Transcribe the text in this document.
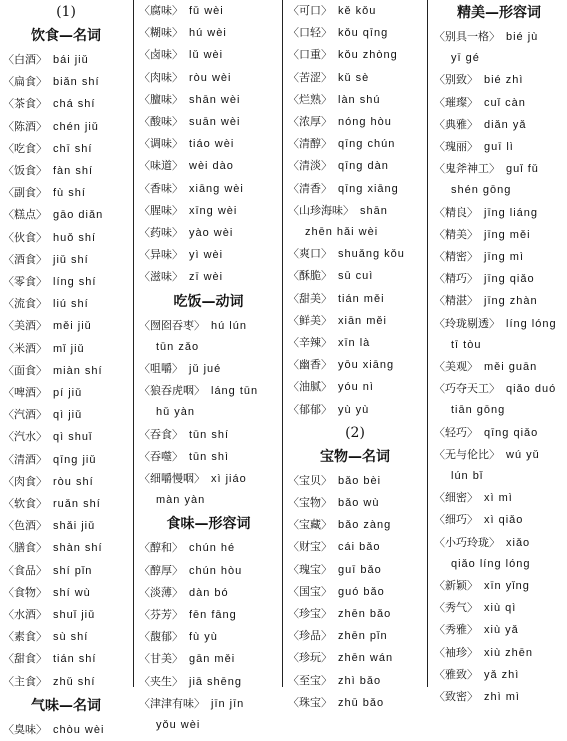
(1)
饮食—名词
〈白酒〉 bái jiǔ
〈扁食〉 biǎn shí
〈茶食〉 chá shí
〈陈酒〉 chén jiǔ
〈吃食〉 chī shí
〈饭食〉 fàn shí
〈副食〉 fù shí
〈糕点〉 gāo diǎn
〈伙食〉 huǒ shí
〈酒食〉 jiǔ shí
〈零食〉 líng shí
〈流食〉 liú shí
〈美酒〉 měi jiǔ
〈米酒〉 mǐ jiǔ
〈面食〉 miàn shí
〈啤酒〉 pí jiǔ
〈汽酒〉 qì jiǔ
〈汽水〉 qì shuǐ
〈清酒〉 qīng jiǔ
〈肉食〉 ròu shí
〈软食〉 ruǎn shí
〈色酒〉 shǎi jiǔ
〈膳食〉 shàn shí
〈食品〉 shí pǐn
〈食物〉 shí wù
〈水酒〉 shuǐ jiǔ
〈素食〉 sù shí
〈甜食〉 tián shí
〈主食〉 zhǔ shí
气味—名词
〈臭味〉 chòu wèi
〈腐味〉 fǔ wèi
〈糊味〉 hú wèi
〈卤味〉 lǔ wèi
〈肉味〉 ròu wèi
〈膻味〉 shān wèi
〈酸味〉 suān wèi
〈调味〉 tiáo wèi
〈味道〉 wèi dào
〈香味〉 xiāng wèi
〈腥味〉 xīng wèi
〈药味〉 yào wèi
〈异味〉 yì wèi
〈滋味〉 zī wèi
吃饭—动词
〈囫囵吞枣〉 hú lún
tūn zǎo
〈咀嚼〉 jǔ jué
〈狼吞虎咽〉 láng tūn
hǔ yàn
〈吞食〉 tūn shí
〈吞噬〉 tūn shì
〈细嚼慢咽〉 xì jiáo
màn yàn
食味—形容词
〈醇和〉 chún hé
〈醇厚〉 chún hòu
〈淡薄〉 dàn bó
〈芬芳〉 fēn fāng
〈馥郁〉 fù yù
〈甘美〉 gān měi
〈夹生〉 jiā shēng
〈津津有味〉 jīn jīn
yǒu wèi
〈可口〉 kě kǒu
〈口轻〉 kǒu qīng
〈口重〉 kǒu zhòng
〈苦涩〉 kǔ sè
〈烂熟〉 làn shú
〈浓厚〉 nóng hòu
〈清醇〉 qīng chún
〈清淡〉 qīng dàn
〈清香〉 qīng xiāng
〈山珍海味〉 shān
zhēn hǎi wèi
〈爽口〉 shuǎng kǒu
〈酥脆〉 sū cuì
〈甜美〉 tián měi
〈鲜美〉 xiān měi
〈辛辣〉 xīn là
〈幽香〉 yōu xiāng
〈油腻〉 yóu nì
〈郁郁〉 yù yù
(2)
宝物—名词
〈宝贝〉 bǎo bèi
〈宝物〉 bǎo wù
〈宝藏〉 bǎo zàng
〈财宝〉 cái bǎo
〈瑰宝〉 guī bǎo
〈国宝〉 guó bǎo
〈珍宝〉 zhēn bǎo
〈珍品〉 zhēn pǐn
〈珍玩〉 zhēn wán
〈至宝〉 zhì bǎo
〈珠宝〉 zhū bǎo
精美—形容词
〈别具一格〉 bié jù
yī gé
〈别致〉 bié zhì
〈璀璨〉 cuǐ càn
〈典雅〉 diǎn yǎ
〈瑰丽〉 guī lì
〈鬼斧神工〉 guǐ fǔ
shén gōng
〈精良〉 jīng liáng
〈精美〉 jīng měi
〈精密〉 jīng mì
〈精巧〉 jīng qiǎo
〈精湛〉 jīng zhàn
〈玲珑剔透〉 líng lóng
tī tòu
〈美观〉 měi guān
〈巧夺天工〉 qiǎo duó
tiān gōng
〈轻巧〉 qīng qiǎo
〈无与伦比〉 wú yǔ
lún bǐ
〈细密〉 xì mì
〈细巧〉 xì qiǎo
〈小巧玲珑〉 xiǎo
qiǎo líng lóng
〈新颖〉 xīn yǐng
〈秀气〉 xiù qì
〈秀雅〉 xiù yǎ
〈袖珍〉 xiù zhēn
〈雅致〉 yǎ zhì
〈致密〉 zhì mì
